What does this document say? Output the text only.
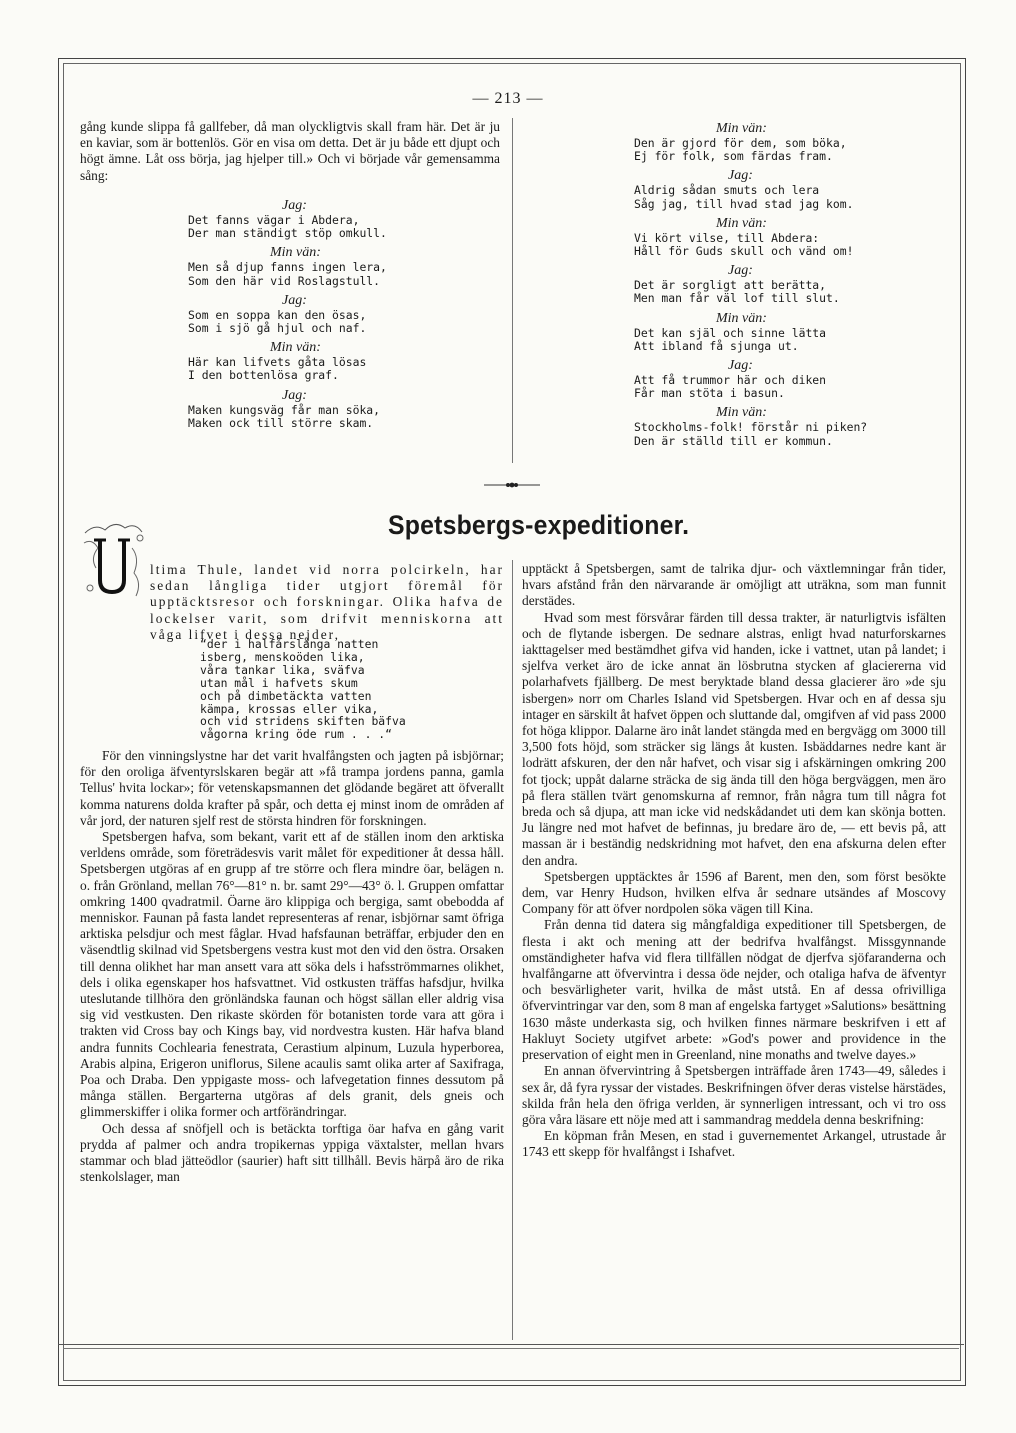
— 213 —

gång kunde slippa få gallfeber, då man olyckligtvis skall fram här. Det är ju en kaviar, som är bottenlös. Gör en visa om detta. Det är ju både ett djupt och högt ämne. Låt oss börja, jag hjelper till.» Och vi började vår gemensamma sång:

Jag:
Det fanns vägar i Abdera,
Der man ständigt stöp omkull.
Min vän:
Men så djup fanns ingen lera,
Som den här vid Roslagstull.
Jag:
Som en soppa kan den ösas,
Som i sjö gå hjul och naf.
Min vän:
Här kan lifvets gåta lösas
I den bottenlösa graf.
Jag:
Maken kungsväg får man söka,
Maken ock till större skam.
Min vän:
Den är gjord för dem, som böka,
Ej för folk, som färdas fram.
Jag:
Aldrig sådan smuts och lera
Såg jag, till hvad stad jag kom.
Min vän:
Vi kört vilse, till Abdera:
Håll för Guds skull och vänd om!
Jag:
Det är sorgligt att berätta,
Men man får väl lof till slut.
Min vän:
Det kan själ och sinne lätta
Att ibland få sjunga ut.
Jag:
Att få trummor här och diken
Får man stöta i basun.
Min vän:
Stockholms-folk! förstår ni piken?
Den är ställd till er kommun.
Spetsbergs-expeditioner.

ltima Thule, landet vid norra polcirkeln, har sedan långliga tider utgjort föremål för upptäcktsresor och forskningar. Olika hafva de lockelser varit, som drifvit menniskorna att våga lifvet i dessa nejder,

“der i halfårslånga natten
isberg, menskoöden lika,
våra tankar lika, sväfva
utan mål i hafvets skum
och på dimbetäckta vatten
kämpa, krossas eller vika,
och vid stridens skiften bäfva
vågorna kring öde rum . . .“

För den vinningslystne har det varit hvalfångsten och jagten på isbjörnar; för den oroliga äfventyrslskaren begär att »få trampa jordens panna, gamla Tellus' hvita lockar»; för vetenskapsmannen det glödande begäret att öfverallt komma naturens dolda krafter på spår, och detta ej minst inom de områden af vår jord, der naturen sjelf rest de största hindren för forskningen.

Spetsbergen hafva, som bekant, varit ett af de ställen inom den arktiska verldens område, som företrädesvis varit målet för expeditioner åt dessa håll. Spetsbergen utgöras af en grupp af tre större och flera mindre öar, belägen n. o. från Grönland, mellan 76°—81° n. br. samt 29°—43° ö. l. Gruppen omfattar omkring 1400 qvadratmil. Öarne äro klippiga och bergiga, samt obebodda af menniskor. Faunan på fasta landet representeras af renar, isbjörnar samt öfriga arktiska pelsdjur och mest fåglar. Hvad hafsfaunan beträffar, erbjuder den en väsendtlig skilnad vid Spetsbergens vestra kust mot den vid den östra. Orsaken till denna olikhet har man ansett vara att söka dels i hafsströmmarnes olikhet, dels i olika egenskaper hos hafsvattnet. Vid ostkusten träffas hafsdjur, hvilka uteslutande tillhöra den grönländska faunan och högst sällan eller aldrig visa sig vid vestkusten. Den rikaste skörden för botanisten torde vara att göra i trakten vid Cross bay och Kings bay, vid nordvestra kusten. Här hafva bland andra funnits Cochlearia fenestrata, Cerastium alpinum, Luzula hyperborea, Arabis alpina, Erigeron uniflorus, Silene acaulis samt olika arter af Saxifraga, Poa och Draba. Den yppigaste moss- och lafvegetation finnes dessutom på många ställen. Bergarterna utgöras af dels granit, dels gneis och glimmerskiffer i olika former och artförändringar.

Och dessa af snöfjell och is betäckta torftiga öar hafva en gång varit prydda af palmer och andra tropikernas yppiga växtalster, mellan hvars stammar och blad jätteödlor (saurier) haft sitt tillhåll. Bevis härpå äro de rika stenkolslager, man

upptäckt å Spetsbergen, samt de talrika djur- och växtlemningar från tider, hvars afstånd från den närvarande är omöjligt att uträkna, som man funnit derstädes.

Hvad som mest försvårar färden till dessa trakter, är naturligtvis isfälten och de flytande isbergen. De sednare alstras, enligt hvad naturforskarnes iakttagelser med bestämdhet gifva vid handen, icke i vattnet, utan på landet; i sjelfva verket äro de icke annat än lösbrutna stycken af glacierernа vid polarhafvets fjällberg. De mest beryktade bland dessa glacierer äro »de sju isbergen» norr om Charles Island vid Spetsbergen. Hvar och en af dessa sju intager en särskilt åt hafvet öppen och sluttande dal, omgifven af vid pass 2000 fot höga klippor. Dalarne äro inåt landet stängda med en bergvägg om 3000 till 3,500 fots höjd, som sträcker sig längs åt kusten. Isbäddarnes nedre kant är lodrätt afskuren, der den når hafvet, och visar sig i afskärningen omkring 200 fot tjock; uppåt dalarne sträcka de sig ända till den höga bergväggen, men äro på flera ställen tvärt genomskurna af remnor, från några tum till några fot breda och så djupa, att man icke vid nedskådandet uti dem kan skönja botten. Ju längre ned mot hafvet de befinnas, ju bredare äro de, — ett bevis på, att massan är i beständig nedskridning mot hafvet, den ena afskurna delen efter den andra.

Spetsbergen upptäcktes år 1596 af Barent, men den, som först besökte dem, var Henry Hudson, hvilken elfva år sednare utsändes af Moscovy Company för att öfver nordpolen söka vägen till Kina.

Från denna tid datera sig mångfaldiga expeditioner till Spetsbergen, de flesta i akt och mening att der bedrifva hvalfångst. Missgynnande omständigheter hafva vid flera tillfällen nödgat de djerfva sjöfaranderna och hvalfångarne att öfvervintra i dessa öde nejder, och otaliga hafva de äfventyr och besvärligheter varit, hvilka de måst utstå. En af dessa ofrivilliga öfvervintringar var den, som 8 man af engelska fartyget »Salutions» besättning 1630 måste underkasta sig, och hvilken finnes närmare beskrifven i ett af Hakluyt Society utgifvet arbete: »God's power and providence in the preservation of eight men in Greenland, nine monaths and twelve dayes.»

En annan öfvervintring å Spetsbergen inträffade åren 1743—49, således i sex år, då fyra ryssar der vistades. Beskrifningen öfver deras vistelse härstädes, skilda från hela den öfriga verlden, är synnerligen intressant, och vi tro oss göra våra läsare ett nöje med att i sammandrag meddela denna beskrifning:

En köpman från Mesen, en stad i guvernementet Arkangel, utrustade år 1743 ett skepp för hvalfångst i Ishafvet.
